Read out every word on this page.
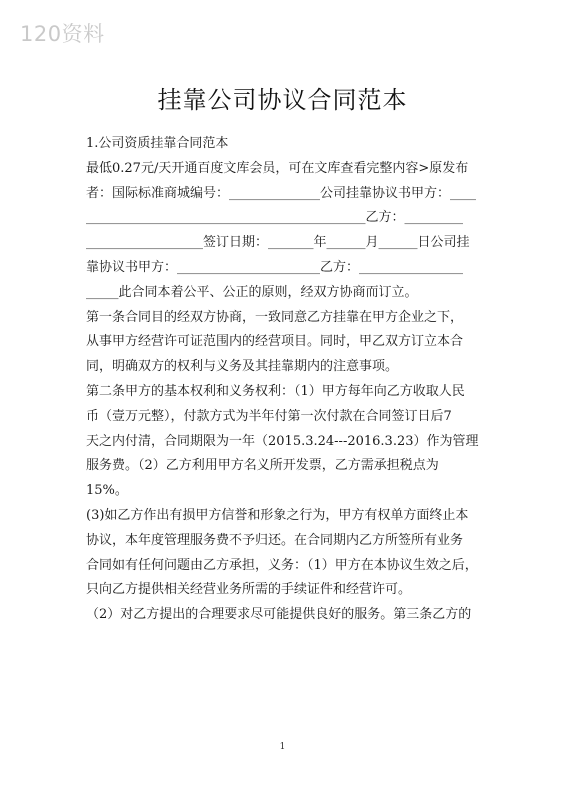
120资料
挂靠公司协议合同范本
1.公司资质挂靠合同范本
最低0.27元/天开通百度文库会员，可在文库查看完整内容>原发布
者：国际标准商城编号：______________公司挂靠协议书甲方：____
___________________________________________乙方：_________
__________________签订日期：_______年______月______日公司挂
靠协议书甲方：______________________乙方：________________
_____此合同本着公平、公正的原则，经双方协商而订立。
第一条合同目的经双方协商，一致同意乙方挂靠在甲方企业之下，
从事甲方经营许可证范围内的经营项目。同时，甲乙双方订立本合
同，明确双方的权利与义务及其挂靠期内的注意事项。
第二条甲方的基本权利和义务权利：（1）甲方每年向乙方收取人民
币（壹万元整），付款方式为半年付第一次付款在合同签订日后7
天之内付清，合同期限为一年（2015.3.24---2016.3.23）作为管理
服务费。（2）乙方利用甲方名义所开发票，乙方需承担税点为
15%。
(3)如乙方作出有损甲方信誉和形象之行为，甲方有权单方面终止本
协议，本年度管理服务费不予归还。在合同期内乙方所签所有业务
合同如有任何问题由乙方承担，义务：（1）甲方在本协议生效之后，
只向乙方提供相关经营业务所需的手续证件和经营许可。
（2）对乙方提出的合理要求尽可能提供良好的服务。第三条乙方的
1
